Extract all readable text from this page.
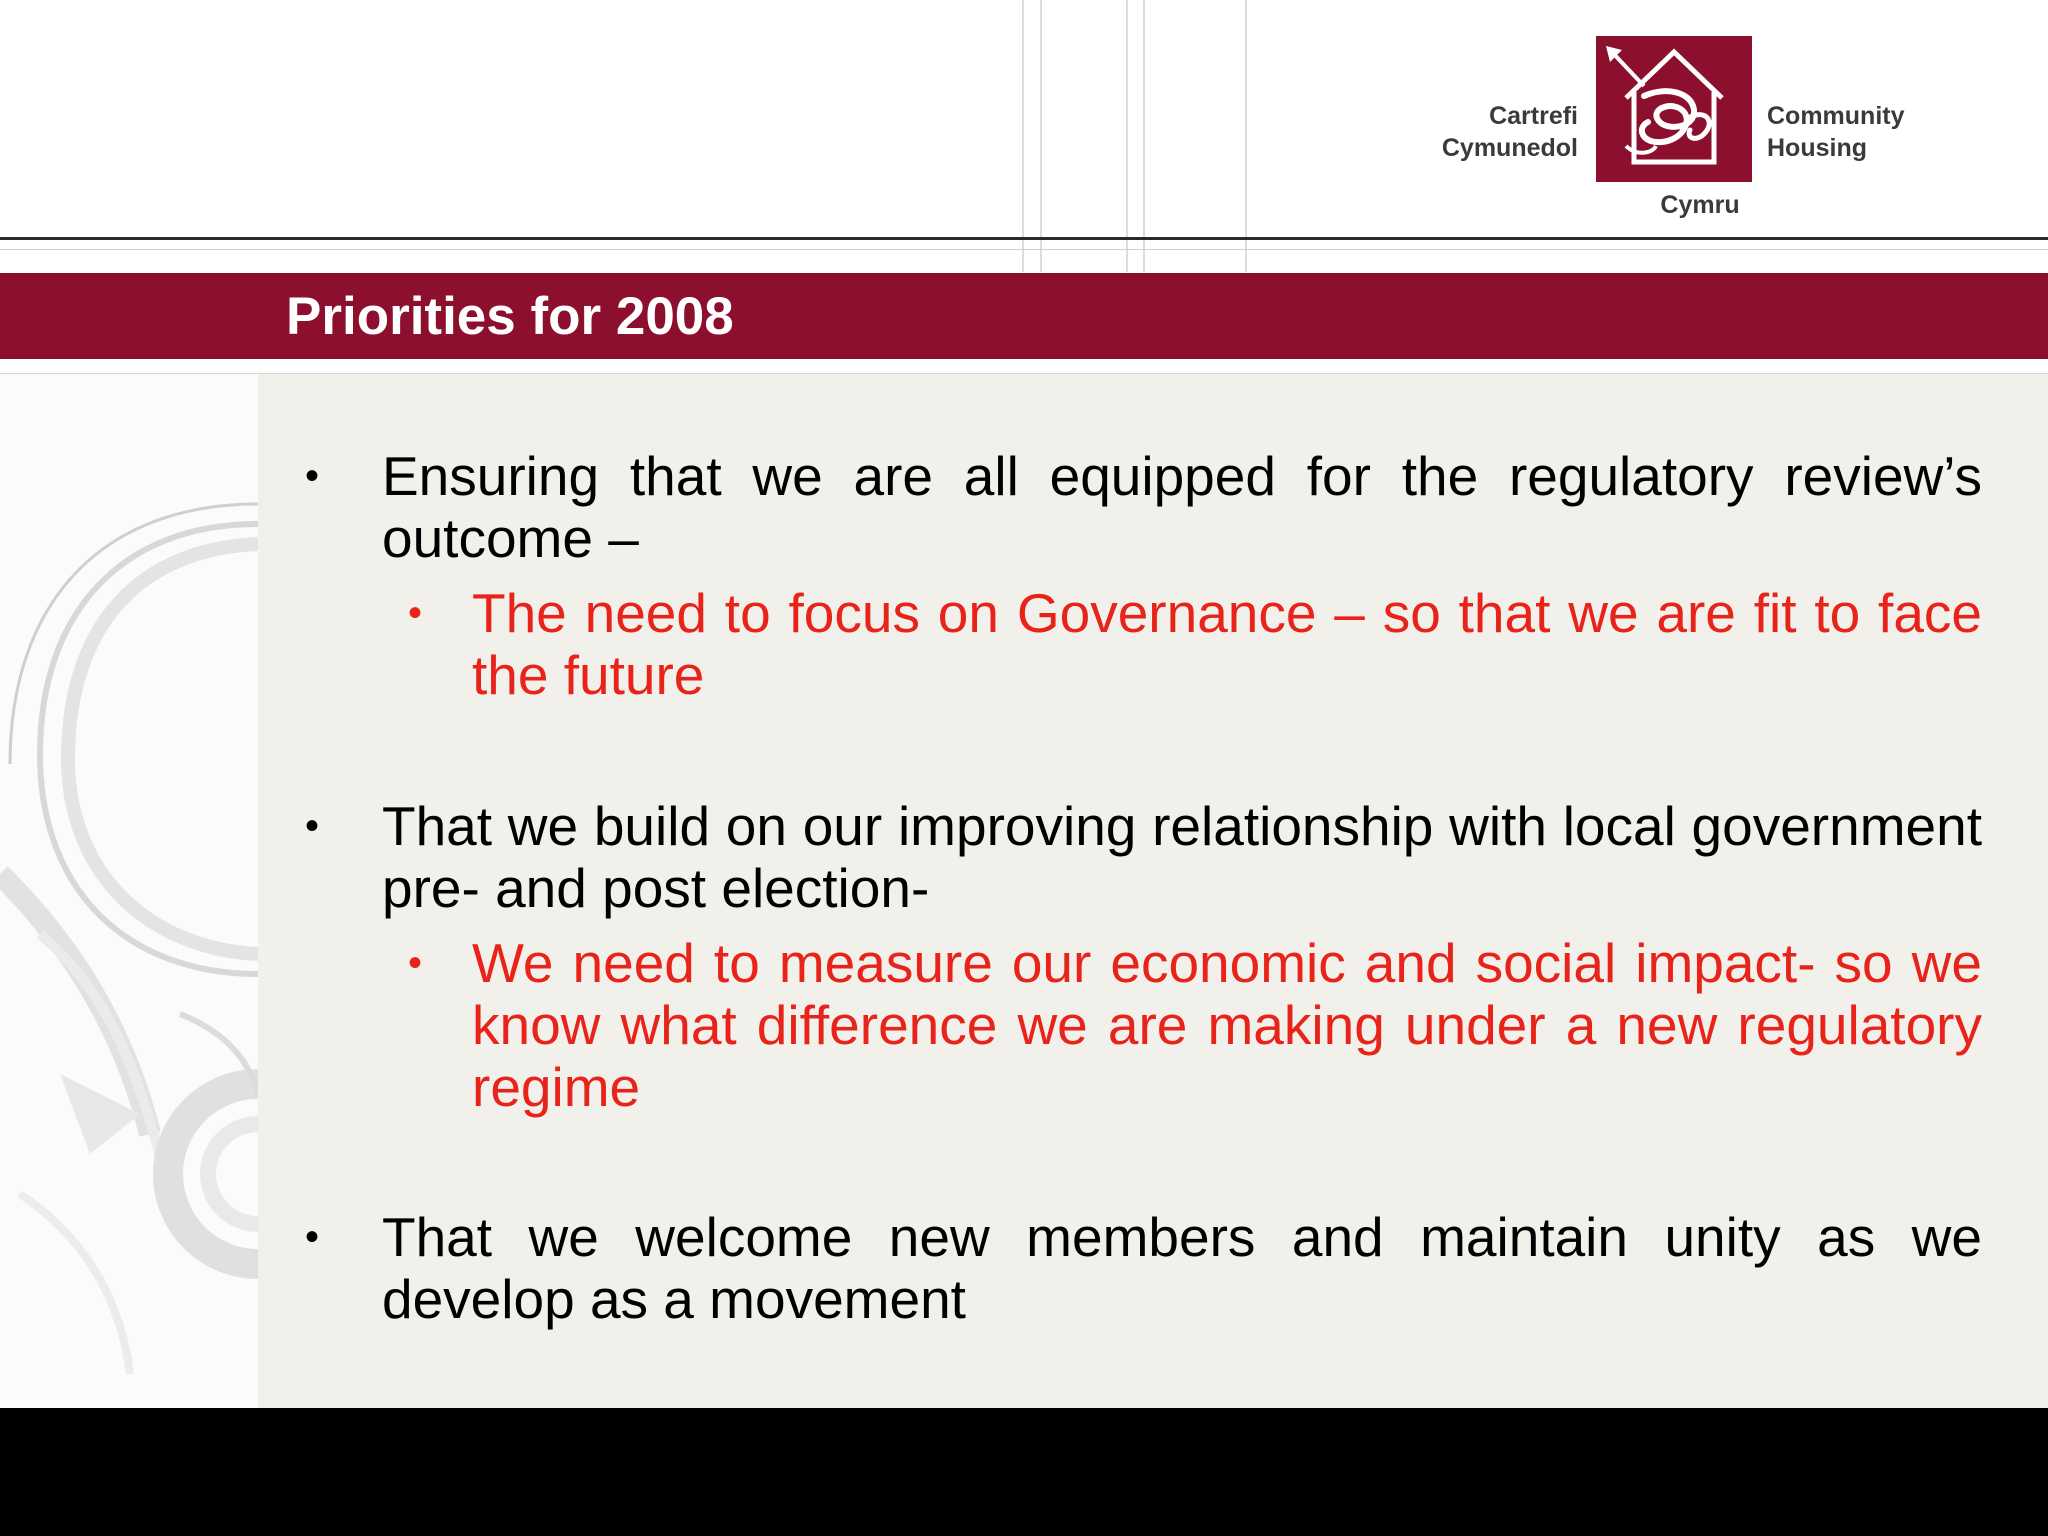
Cartrefi
Cymunedol
Community
Housing
Cymru
Priorities for 2008
• Ensuring that we are all equipped for the regulatory review’s outcome –
• The need to focus on Governance – so that we are fit to face the future
• That we build on our improving relationship with local government pre- and post election-
• We need to measure our economic and social impact- so we know what difference we are making under a new regulatory regime
• That we welcome new members and maintain unity as we develop as a movement
